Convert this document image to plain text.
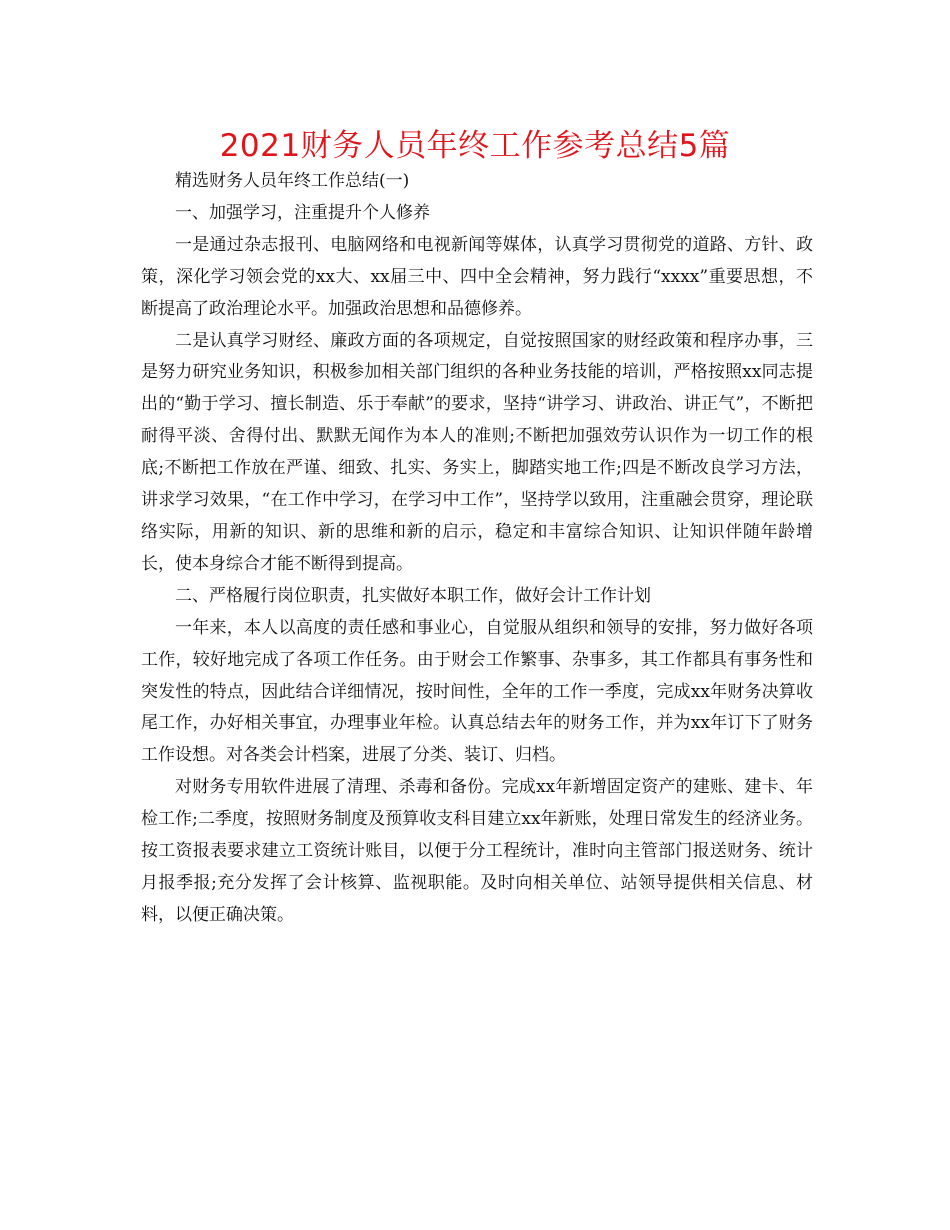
2021财务人员年终工作参考总结5篇

精选财务人员年终工作总结(一)

一、加强学习，注重提升个人修养

一是通过杂志报刊、电脑网络和电视新闻等媒体，认真学习贯彻党的道路、方针、政策，深化学习领会党的xx大、xx届三中、四中全会精神，努力践行“xxxx”重要思想，不断提高了政治理论水平。加强政治思想和品德修养。

二是认真学习财经、廉政方面的各项规定，自觉按照国家的财经政策和程序办事，三是努力研究业务知识，积极参加相关部门组织的各种业务技能的培训，严格按照xx同志提出的“勤于学习、擅长制造、乐于奉献”的要求，坚持“讲学习、讲政治、讲正气”，不断把耐得平淡、舍得付出、默默无闻作为本人的准则;不断把加强效劳认识作为一切工作的根底;不断把工作放在严谨、细致、扎实、务实上，脚踏实地工作;四是不断改良学习方法，讲求学习效果，“在工作中学习，在学习中工作”，坚持学以致用，注重融会贯穿，理论联络实际，用新的知识、新的思维和新的启示，稳定和丰富综合知识、让知识伴随年龄增长，使本身综合才能不断得到提高。

二、严格履行岗位职责，扎实做好本职工作，做好会计工作计划

一年来，本人以高度的责任感和事业心，自觉服从组织和领导的安排，努力做好各项工作，较好地完成了各项工作任务。由于财会工作繁事、杂事多，其工作都具有事务性和突发性的特点，因此结合详细情况，按时间性，全年的工作一季度，完成xx年财务决算收尾工作，办好相关事宜，办理事业年检。认真总结去年的财务工作，并为xx年订下了财务工作设想。对各类会计档案，进展了分类、装订、归档。

对财务专用软件进展了清理、杀毒和备份。完成xx年新增固定资产的建账、建卡、年检工作;二季度，按照财务制度及预算收支科目建立xx年新账，处理日常发生的经济业务。按工资报表要求建立工资统计账目，以便于分工程统计，准时向主管部门报送财务、统计月报季报;充分发挥了会计核算、监视职能。及时向相关单位、站领导提供相关信息、材料，以便正确决策。
